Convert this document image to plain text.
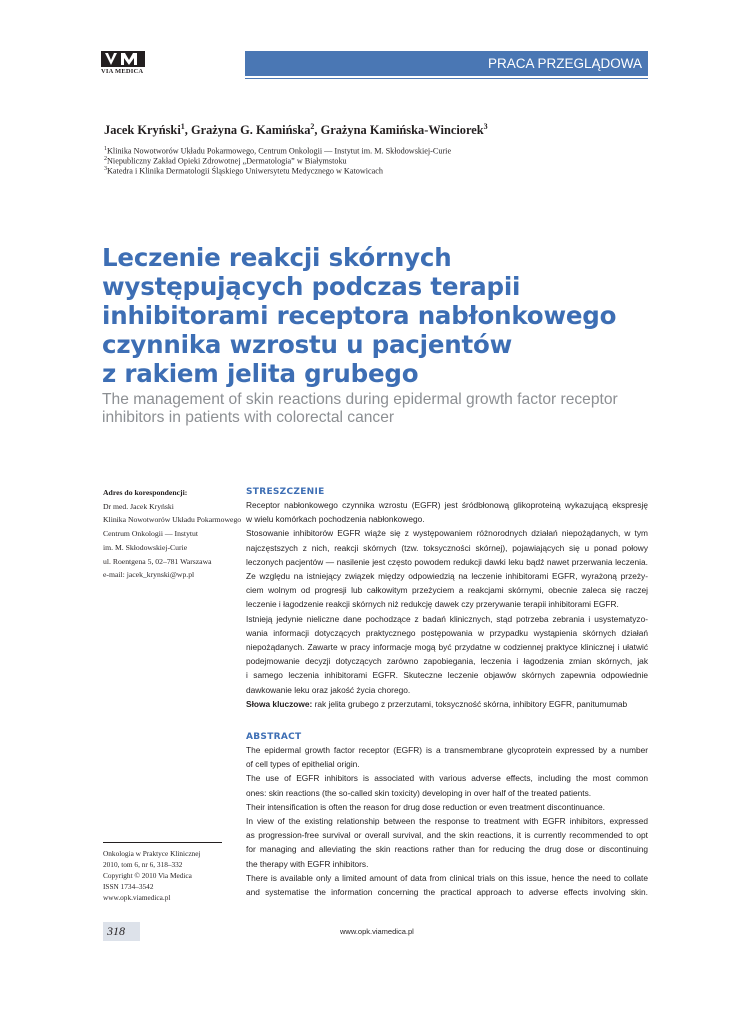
VIA MEDICA
PRACA PRZEGLĄDOWA
Jacek Kryński$^1$, Grażyna G. Kamińska$^2$, Grażyna Kamińska-Winciorek$^3$
$^1$Klinika Nowotworów Układu Pokarmowego, Centrum Onkologii — Instytut im. M. Skłodowskiej-Curie
$^2$Niepubliczny Zakład Opieki Zdrowotnej „Dermatologia” w Białymstoku
$^3$Katedra i Klinika Dermatologii Śląskiego Uniwersytetu Medycznego w Katowicach
Leczenie reakcji skórnych
występujących podczas terapii
inhibitorami receptora nabłonkowego
czynnika wzrostu u pacjentów
z rakiem jelita grubego
The management of skin reactions during epidermal growth factor receptor
inhibitors in patients with colorectal cancer
Adres do korespondencji:
Dr med. Jacek Kryński
Klinika Nowotworów Układu Pokarmowego
Centrum Onkologii — Instytut
im. M. Skłodowskiej-Curie
ul. Roentgena 5, 02–781 Warszawa
e-mail: jacek_krynski@wp.pl
STRESZCZENIE
Receptor nabłonkowego czynnika wzrostu (EGFR) jest śródbłonową glikoproteiną wykazującą ekspresję
w wielu komórkach pochodzenia nabłonkowego.
Stosowanie inhibitorów EGFR wiąże się z występowaniem różnorodnych działań niepożądanych, w tym
najczęstszych z nich, reakcji skórnych (tzw. toksyczności skórnej), pojawiających się u ponad połowy
leczonych pacjentów — nasilenie jest często powodem redukcji dawki leku bądź nawet przerwania leczenia.
Ze względu na istniejący związek między odpowiedzią na leczenie inhibitorami EGFR, wyrażoną przeży-
ciem wolnym od progresji lub całkowitym przeżyciem a reakcjami skórnymi, obecnie zaleca się raczej
leczenie i łagodzenie reakcji skórnych niż redukcję dawek czy przerywanie terapii inhibitorami EGFR.
Istnieją jedynie nieliczne dane pochodzące z badań klinicznych, stąd potrzeba zebrania i usystematyzo-
wania informacji dotyczących praktycznego postępowania w przypadku wystąpienia skórnych działań
niepożądanych. Zawarte w pracy informacje mogą być przydatne w codziennej praktyce klinicznej i ułatwić
podejmowanie decyzji dotyczących zarówno zapobiegania, leczenia i łagodzenia zmian skórnych, jak
i samego leczenia inhibitorami EGFR. Skuteczne leczenie objawów skórnych zapewnia odpowiednie
dawkowanie leku oraz jakość życia chorego.
Słowa kluczowe: rak jelita grubego z przerzutami, toksyczność skórna, inhibitory EGFR, panitumumab
ABSTRACT
The epidermal growth factor receptor (EGFR) is a transmembrane glycoprotein expressed by a number
of cell types of epithelial origin.
The use of EGFR inhibitors is associated with various adverse effects, including the most common
ones: skin reactions (the so-called skin toxicity) developing in over half of the treated patients.
Their intensification is often the reason for drug dose reduction or even treatment discontinuance.
In view of the existing relationship between the response to treatment with EGFR inhibitors, expressed
as progression-free survival or overall survival, and the skin reactions, it is currently recommended to opt
for managing and alleviating the skin reactions rather than for reducing the drug dose or discontinuing
the therapy with EGFR inhibitors.
There is available only a limited amount of data from clinical trials on this issue, hence the need to collate
and systematise the information concerning the practical approach to adverse effects involving skin.
Onkologia w Praktyce Klinicznej
2010, tom 6, nr 6, 318–332
Copyright © 2010 Via Medica
ISSN 1734–3542
www.opk.viamedica.pl
318	www.opk.viamedica.pl
